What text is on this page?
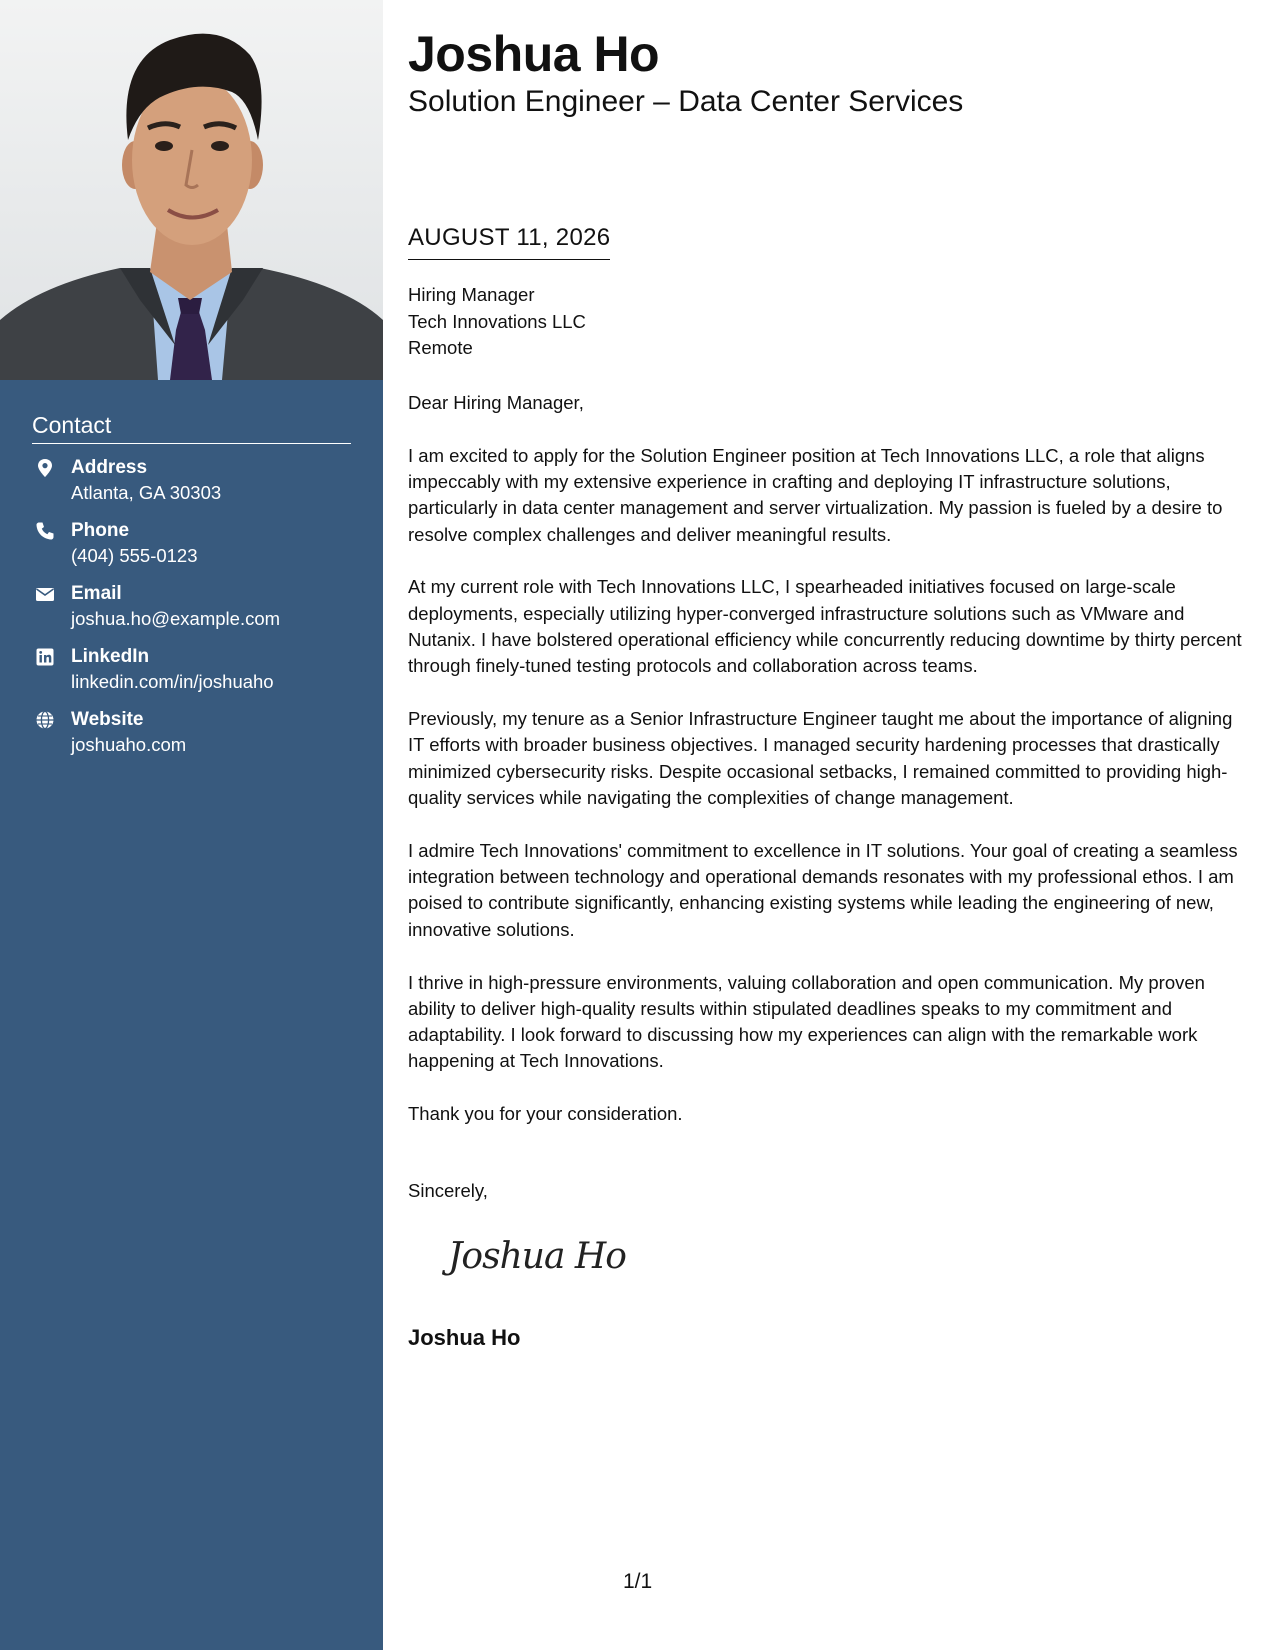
Contact
Address
Atlanta, GA 30303
Phone
(404) 555-0123
Email
joshua.ho@example.com
LinkedIn
linkedin.com/in/joshuaho
Website
joshuaho.com
Joshua Ho
Solution Engineer – Data Center Services
AUGUST 11, 2026
Hiring Manager
Tech Innovations LLC
Remote

Dear Hiring Manager,

I am excited to apply for the Solution Engineer position at Tech Innovations LLC, a role that aligns impeccably with my extensive experience in crafting and deploying IT infrastructure solutions, particularly in data center management and server virtualization. My passion is fueled by a desire to resolve complex challenges and deliver meaningful results.

At my current role with Tech Innovations LLC, I spearheaded initiatives focused on large-scale deployments, especially utilizing hyper-converged infrastructure solutions such as VMware and Nutanix. I have bolstered operational efficiency while concurrently reducing downtime by thirty percent through finely-tuned testing protocols and collaboration across teams.

Previously, my tenure as a Senior Infrastructure Engineer taught me about the importance of aligning IT efforts with broader business objectives. I managed security hardening processes that drastically minimized cybersecurity risks. Despite occasional setbacks, I remained committed to providing high-quality services while navigating the complexities of change management.

I admire Tech Innovations' commitment to excellence in IT solutions. Your goal of creating a seamless integration between technology and operational demands resonates with my professional ethos. I am poised to contribute significantly, enhancing existing systems while leading the engineering of new, innovative solutions.

I thrive in high-pressure environments, valuing collaboration and open communication. My proven ability to deliver high-quality results within stipulated deadlines speaks to my commitment and adaptability. I look forward to discussing how my experiences can align with the remarkable work happening at Tech Innovations.

Thank you for your consideration.

Sincerely,
Joshua Ho
Joshua Ho
1/1
